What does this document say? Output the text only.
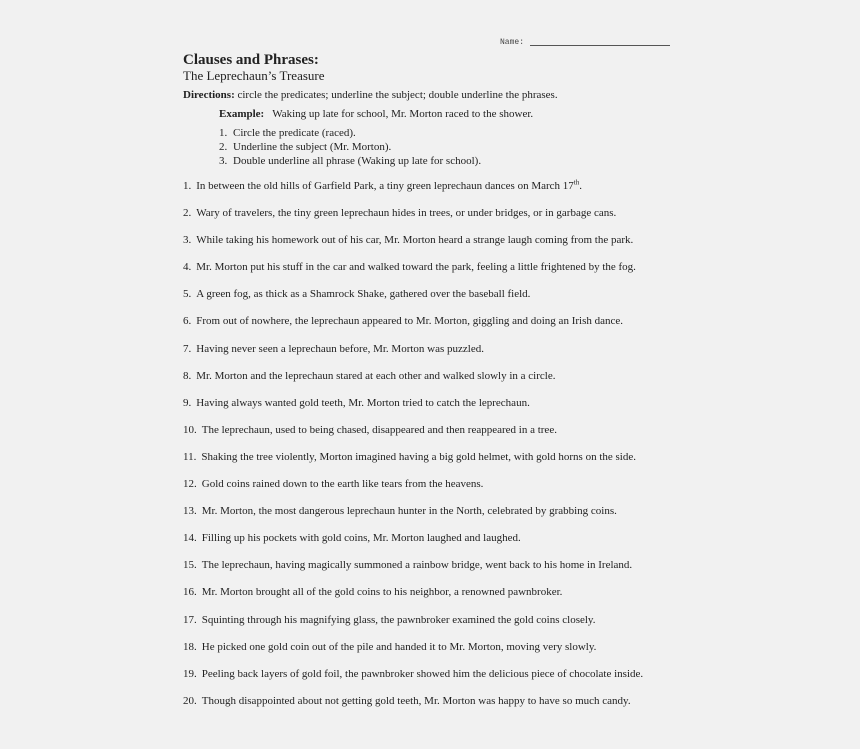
Name:
Clauses and Phrases:
The Leprechaun’s Treasure
Directions: circle the predicates; underline the subject; double underline the phrases.
Example: Waking up late for school, Mr. Morton raced to the shower.
1. Circle the predicate (raced).
2. Underline the subject (Mr. Morton).
3. Double underline all phrase (Waking up late for school).
1. In between the old hills of Garfield Park, a tiny green leprechaun dances on March 17th.
2. Wary of travelers, the tiny green leprechaun hides in trees, or under bridges, or in garbage cans.
3. While taking his homework out of his car, Mr. Morton heard a strange laugh coming from the park.
4. Mr. Morton put his stuff in the car and walked toward the park, feeling a little frightened by the fog.
5. A green fog, as thick as a Shamrock Shake, gathered over the baseball field.
6. From out of nowhere, the leprechaun appeared to Mr. Morton, giggling and doing an Irish dance.
7. Having never seen a leprechaun before, Mr. Morton was puzzled.
8. Mr. Morton and the leprechaun stared at each other and walked slowly in a circle.
9. Having always wanted gold teeth, Mr. Morton tried to catch the leprechaun.
10. The leprechaun, used to being chased, disappeared and then reappeared in a tree.
11. Shaking the tree violently, Morton imagined having a big gold helmet, with gold horns on the side.
12. Gold coins rained down to the earth like tears from the heavens.
13. Mr. Morton, the most dangerous leprechaun hunter in the North, celebrated by grabbing coins.
14. Filling up his pockets with gold coins, Mr. Morton laughed and laughed.
15. The leprechaun, having magically summoned a rainbow bridge, went back to his home in Ireland.
16. Mr. Morton brought all of the gold coins to his neighbor, a renowned pawnbroker.
17. Squinting through his magnifying glass, the pawnbroker examined the gold coins closely.
18. He picked one gold coin out of the pile and handed it to Mr. Morton, moving very slowly.
19. Peeling back layers of gold foil, the pawnbroker showed him the delicious piece of chocolate inside.
20. Though disappointed about not getting gold teeth, Mr. Morton was happy to have so much candy.
